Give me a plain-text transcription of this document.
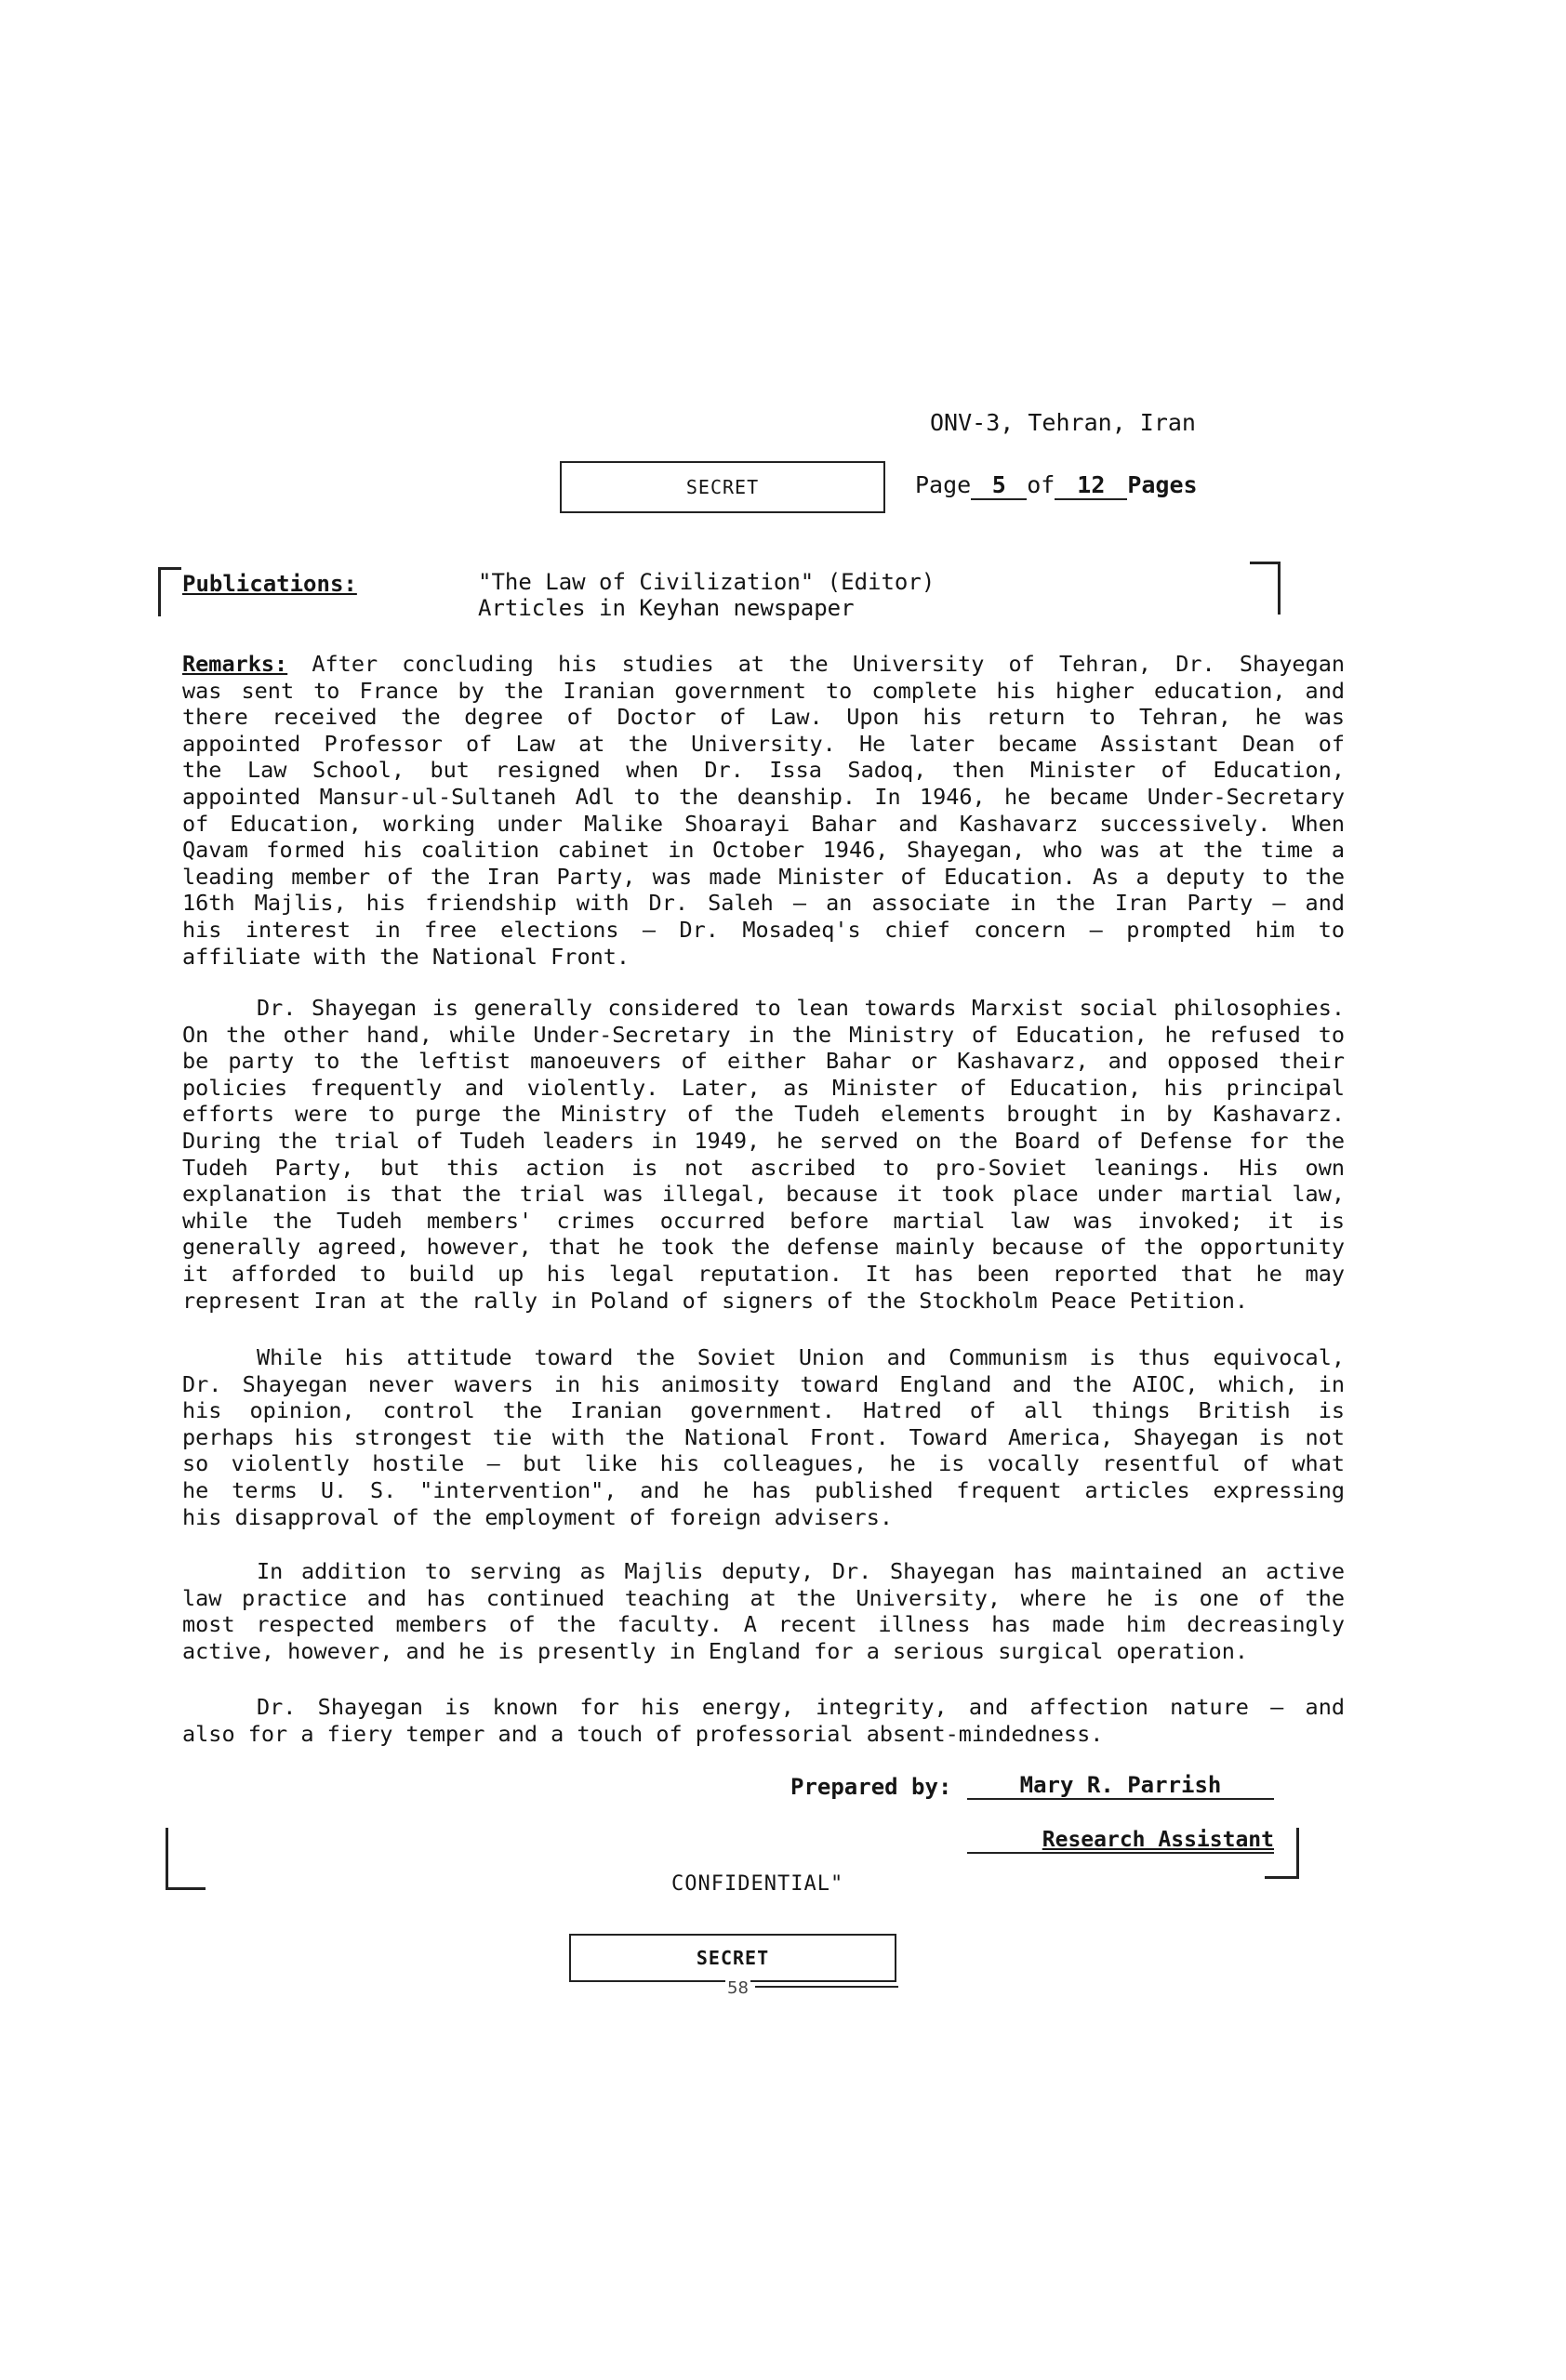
ONV-3, Tehran, Iran
SECRET	Page 5 of 12 Pages
Publications:	"The Law of Civilization" (Editor)
Articles in Keyhan newspaper
Remarks: After concluding his studies at the University of Tehran, Dr. Shayegan
was sent to France by the Iranian government to complete his higher education, and
there received the degree of Doctor of Law. Upon his return to Tehran, he was
appointed Professor of Law at the University. He later became Assistant Dean of
the Law School, but resigned when Dr. Issa Sadoq, then Minister of Education,
appointed Mansur-ul-Sultaneh Adl to the deanship. In 1946, he became Under-Secretary
of Education, working under Malike Shoarayi Bahar and Kashavarz successively. When
Qavam formed his coalition cabinet in October 1946, Shayegan, who was at the time a
leading member of the Iran Party, was made Minister of Education. As a deputy to the
16th Majlis, his friendship with Dr. Saleh — an associate in the Iran Party — and
his interest in free elections — Dr. Mosadeq's chief concern — prompted him to
affiliate with the National Front.
Dr. Shayegan is generally considered to lean towards Marxist social philosophies.
On the other hand, while Under-Secretary in the Ministry of Education, he refused to
be party to the leftist manoeuvers of either Bahar or Kashavarz, and opposed their
policies frequently and violently. Later, as Minister of Education, his principal
efforts were to purge the Ministry of the Tudeh elements brought in by Kashavarz.
During the trial of Tudeh leaders in 1949, he served on the Board of Defense for the
Tudeh Party, but this action is not ascribed to pro-Soviet leanings. His own
explanation is that the trial was illegal, because it took place under martial law,
while the Tudeh members' crimes occurred before martial law was invoked; it is
generally agreed, however, that he took the defense mainly because of the opportunity
it afforded to build up his legal reputation. It has been reported that he may
represent Iran at the rally in Poland of signers of the Stockholm Peace Petition.
While his attitude toward the Soviet Union and Communism is thus equivocal,
Dr. Shayegan never wavers in his animosity toward England and the AIOC, which, in
his opinion, control the Iranian government. Hatred of all things British is
perhaps his strongest tie with the National Front. Toward America, Shayegan is not
so violently hostile — but like his colleagues, he is vocally resentful of what
he terms U. S. "intervention", and he has published frequent articles expressing
his disapproval of the employment of foreign advisers.
In addition to serving as Majlis deputy, Dr. Shayegan has maintained an active
law practice and has continued teaching at the University, where he is one of the
most respected members of the faculty. A recent illness has made him decreasingly
active, however, and he is presently in England for a serious surgical operation.
Dr. Shayegan is known for his energy, integrity, and affection nature — and
also for a fiery temper and a touch of professorial absent-mindedness.
Prepared by:	Mary R. Parrish
Research Assistant
CONFIDENTIAL"
SECRET
58
